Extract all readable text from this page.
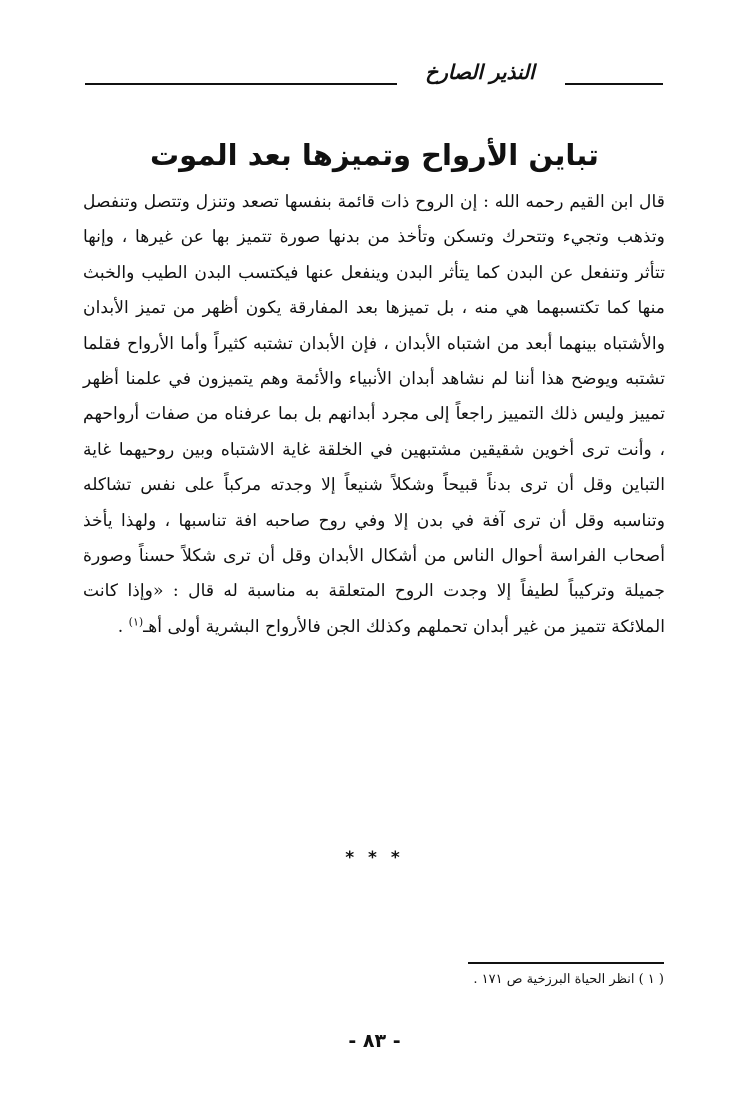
النذير الصارخ
تباين الأرواح وتميزها بعد الموت

قال ابن القيم رحمه الله : إن الروح ذات قائمة بنفسها تصعد وتنزل وتتصل وتنفصل وتذهب وتجيء وتتحرك وتسكن وتأخذ من بدنها صورة تتميز بها عن غيرها ، وإنها تتأثر وتنفعل عن البدن كما يتأثر البدن وينفعل عنها فيكتسب البدن الطيب والخبث منها كما تكتسبهما هي منه ، بل تميزها بعد المفارقة يكون أظهر من تميز الأبدان والأشتباه بينهما أبعد من اشتباه الأبدان ، فإن الأبدان تشتبه كثيراً وأما الأرواح فقلما تشتبه ويوضح هذا أننا لم نشاهد أبدان الأنبياء والأئمة وهم يتميزون في علمنا أظهر تمييز وليس ذلك التمييز راجعاً إلى مجرد أبدانهم بل بما عرفناه من صفات أرواحهم ، وأنت ترى أخوين شقيقين مشتبهين في الخلقة غاية الاشتباه وبين روحيهما غاية التباين وقل أن ترى بدناً قبيحاً وشكلاً شنيعاً إلا وجدته مركباً على نفس تشاكله وتناسبه وقل أن ترى آفة في بدن إلا وفي روح صاحبه افة تناسبها ، ولهذا يأخذ أصحاب الفراسة أحوال الناس من أشكال الأبدان وقل أن ترى شكلاً حسناً وصورة جميلة وتركيباً لطيفاً إلا وجدت الروح المتعلقة به مناسبة له قال : «وإذا كانت الملائكة تتميز من غير أبدان تحملهم وكذلك الجن فالأرواح البشرية أولى أهـ$^{(١)}$ .

* * *
( ١ ) انظر الحياة البرزخية ص ١٧١ .
- ٨٣ -
